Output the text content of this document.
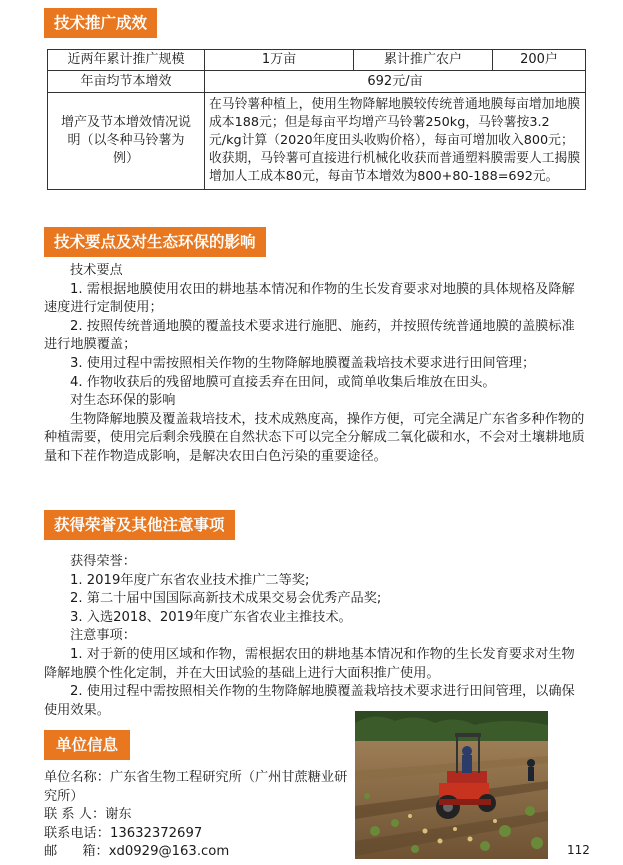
技术推广成效
近两年累计推广规模	1万亩	累计推广农户	200户
年亩均节本增效	692元/亩		
增产及节本增效情况说明（以冬种马铃薯为例）	在马铃薯种植上，使用生物降解地膜较传统普通地膜每亩增加地膜成本188元；但是每亩平均增产马铃薯250kg，马铃薯按3.2元/kg计算（2020年度田头收购价格），每亩可增加收入800元；收获期，马铃薯可直接进行机械化收获而普通塑料膜需要人工揭膜增加人工成本80元，每亩节本增效为800+80-188=692元。		
技术要点及对生态环保的影响

技术要点

1. 需根据地膜使用农田的耕地基本情况和作物的生长发育要求对地膜的具体规格及降解速度进行定制使用；

2. 按照传统普通地膜的覆盖技术要求进行施肥、施药，并按照传统普通地膜的盖膜标准进行地膜覆盖；

3. 使用过程中需按照相关作物的生物降解地膜覆盖栽培技术要求进行田间管理；

4. 作物收获后的残留地膜可直接丢弃在田间，或简单收集后堆放在田头。

对生态环保的影响

生物降解地膜及覆盖栽培技术，技术成熟度高，操作方便，可完全满足广东省多种作物的种植需要，使用完后剩余残膜在自然状态下可以完全分解成二氧化碳和水，不会对土壤耕地质量和下茬作物造成影响，是解决农田白色污染的重要途径。

获得荣誉及其他注意事项

获得荣誉：

1. 2019年度广东省农业技术推广二等奖;

2. 第二十届中国国际高新技术成果交易会优秀产品奖;

3. 入选2018、2019年度广东省农业主推技术。

注意事项：

1. 对于新的使用区域和作物，需根据农田的耕地基本情况和作物的生长发育要求对生物降解地膜个性化定制，并在大田试验的基础上进行大面积推广使用。

2. 使用过程中需按照相关作物的生物降解地膜覆盖栽培技术要求进行田间管理，以确保使用效果。

单位信息
单位名称：广东省生物工程研究所（广州甘蔗糖业研究所）
联 系 人：谢东
联系电话：13632372697
邮      箱：xd0929@163.com	112
